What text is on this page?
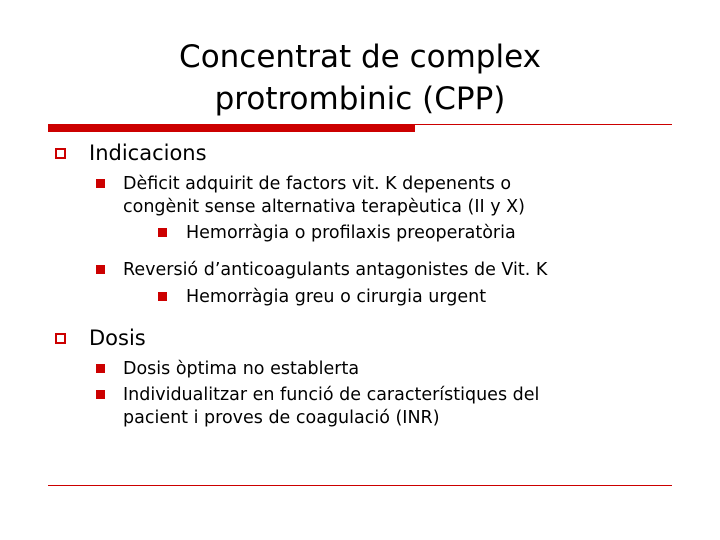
Concentrat de complex
protrombinic (CPP)
Indicacions
Dèficit adquirit de factors vit. K depenents o
congènit sense alternativa terapèutica (II y X)
Hemorràgia o profilaxis preoperatòria
Reversió d’anticoagulants antagonistes de Vit. K
Hemorràgia greu o cirurgia urgent
Dosis
Dosis òptima no establerta
Individualitzar en funció de característiques del
pacient i proves de coagulació (INR)
